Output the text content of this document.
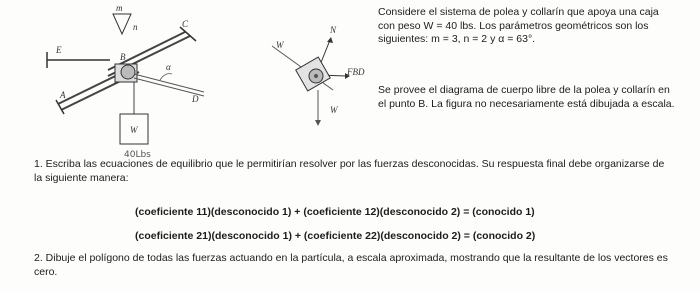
m
n	C
E
A
B
α
D
W
40Lbs
W
N
FBD
W
Considere el sistema de polea y collarín que apoya una caja con peso W = 40 lbs. Los parámetros geométricos son los siguientes: m = 3, n = 2 y α = 63°.
Se provee el diagrama de cuerpo libre de la polea y collarín en el punto B. La figura no necesariamente está dibujada a escala.
1. Escriba las ecuaciones de equilibrio que le permitirían resolver por las fuerzas desconocidas. Su respuesta final debe organizarse de la siguiente manera:
(coeficiente 11)(desconocido 1) + (coeficiente 12)(desconocido 2) = (conocido 1)
(coeficiente 21)(desconocido 1) + (coeficiente 22)(desconocido 2) = (conocido 2)
2. Dibuje el polígono de todas las fuerzas actuando en la partícula, a escala aproximada, mostrando que la resultante de los vectores es cero.
